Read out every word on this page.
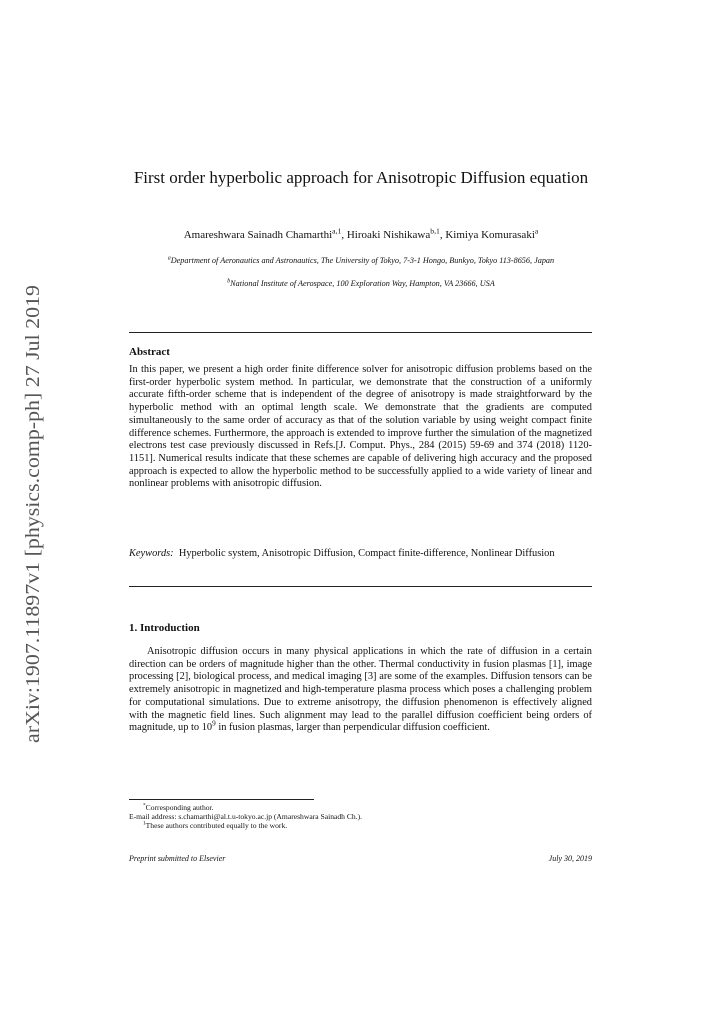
arXiv:1907.11897v1 [physics.comp-ph] 27 Jul 2019
First order hyperbolic approach for Anisotropic Diffusion equation
Amareshwara Sainadh Chamarthi$^{a,1}$, Hiroaki Nishikawa$^{b,1}$, Kimiya Komurasaki$^a$
$^a$Department of Aeronautics and Astronautics, The University of Tokyo, 7-3-1 Hongo, Bunkyo, Tokyo 113-8656, Japan
$^b$National Institute of Aerospace, 100 Exploration Way, Hampton, VA 23666, USA
Abstract
In this paper, we present a high order finite difference solver for anisotropic diffusion problems based on the first-order hyperbolic system method. In particular, we demonstrate that the construction of a uniformly accurate fifth-order scheme that is independent of the degree of anisotropy is made straightforward by the hyperbolic method with an optimal length scale. We demonstrate that the gradients are computed simultaneously to the same order of accuracy as that of the solution variable by using weight compact finite difference schemes. Furthermore, the approach is extended to improve further the simulation of the magnetized electrons test case previously discussed in Refs.[J. Comput. Phys., 284 (2015) 59-69 and 374 (2018) 1120-1151]. Numerical results indicate that these schemes are capable of delivering high accuracy and the proposed approach is expected to allow the hyperbolic method to be successfully applied to a wide variety of linear and nonlinear problems with anisotropic diffusion.
Keywords: Hyperbolic system, Anisotropic Diffusion, Compact finite-difference, Nonlinear Diffusion
1. Introduction
Anisotropic diffusion occurs in many physical applications in which the rate of diffusion in a certain direction can be orders of magnitude higher than the other. Thermal conductivity in fusion plasmas [1], image processing [2], biological process, and medical imaging [3] are some of the examples. Diffusion tensors can be extremely anisotropic in magnetized and high-temperature plasma process which poses a challenging problem for computational simulations. Due to extreme anisotropy, the diffusion phenomenon is effectively aligned with the magnetic field lines. Such alignment may lead to the parallel diffusion coefficient being orders of magnitude, up to $10^9$ in fusion plasmas, larger than perpendicular diffusion coefficient.
*Corresponding author.
E-mail address: s.chamarthi@al.t.u-tokyo.ac.jp (Amareshwara Sainadh Ch.).
$^1$These authors contributed equally to the work.
Preprint submitted to Elsevier	July 30, 2019
